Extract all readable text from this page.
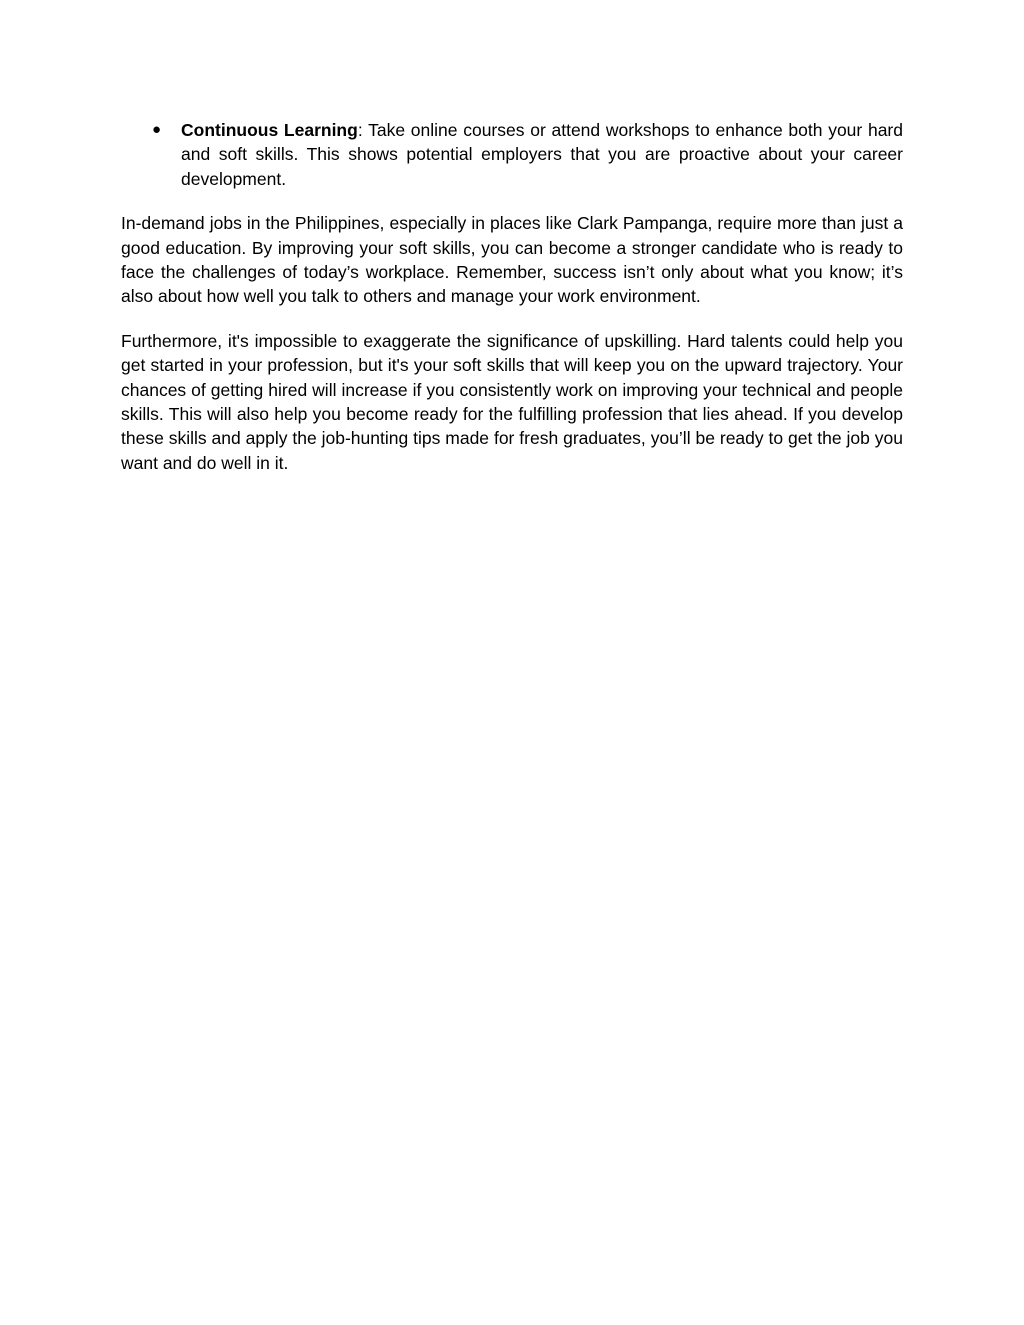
● Continuous Learning: Take online courses or attend workshops to enhance both your hard and soft skills. This shows potential employers that you are proactive about your career development.

In-demand jobs in the Philippines, especially in places like Clark Pampanga, require more than just a good education. By improving your soft skills, you can become a stronger candidate who is ready to face the challenges of today’s workplace. Remember, success isn’t only about what you know; it’s also about how well you talk to others and manage your work environment.

Furthermore, it's impossible to exaggerate the significance of upskilling. Hard talents could help you get started in your profession, but it's your soft skills that will keep you on the upward trajectory. Your chances of getting hired will increase if you consistently work on improving your technical and people skills. This will also help you become ready for the fulfilling profession that lies ahead. If you develop these skills and apply the job-hunting tips made for fresh graduates, you’ll be ready to get the job you want and do well in it.
